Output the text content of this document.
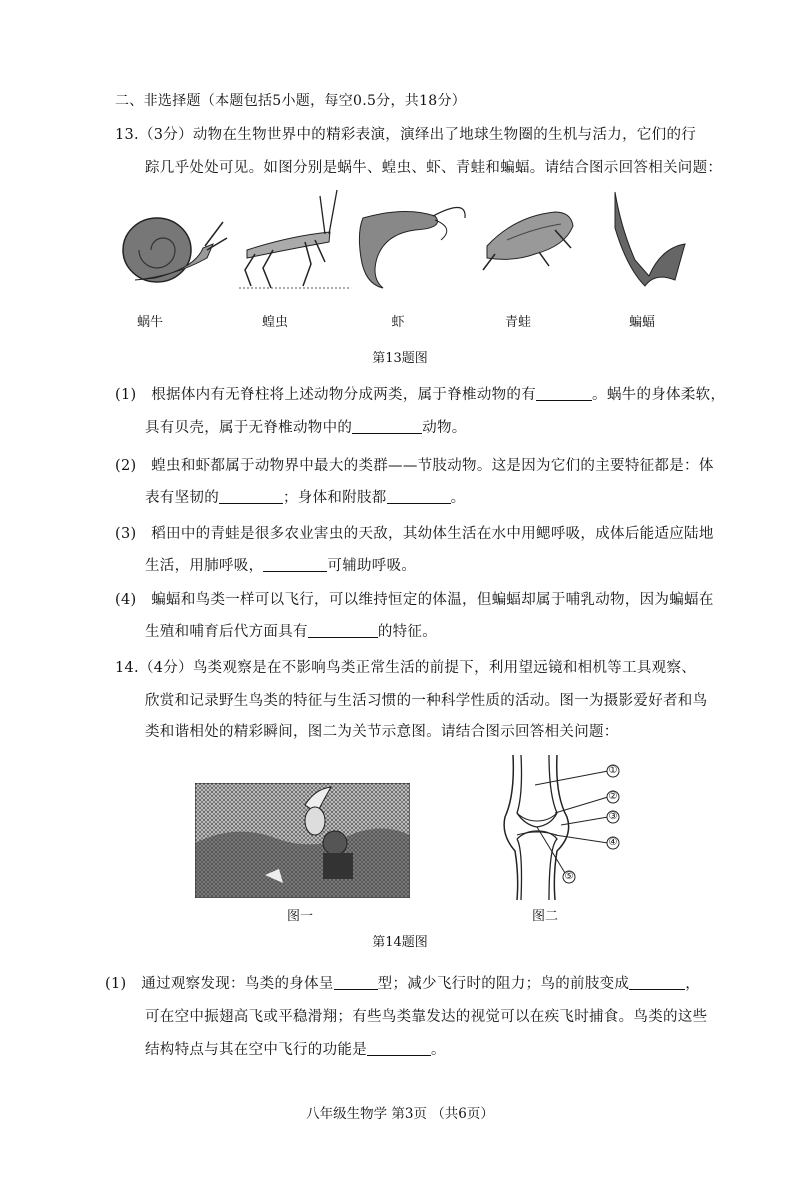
二、非选择题（本题包括5小题，每空0.5分，共18分）
13.（3分）动物在生物世界中的精彩表演，演绎出了地球生物圈的生机与活力，它们的行
踪几乎处处可见。如图分别是蜗牛、蝗虫、虾、青蛙和蝙蝠。请结合图示回答相关问题：
蜗牛	蝗虫	虾	青蛙	蝙蝠
第13题图
(1)　根据体内有无脊柱将上述动物分成两类，属于脊椎动物的有	。蜗牛的身体柔软，
具有贝壳，属于无脊椎动物中的	动物。
(2)　蝗虫和虾都属于动物界中最大的类群——节肢动物。这是因为它们的主要特征都是：体
表有坚韧的	；身体和附肢都	。
(3)　稻田中的青蛙是很多农业害虫的天敌，其幼体生活在水中用鳃呼吸，成体后能适应陆地
生活，用肺呼吸，	可辅助呼吸。
(4)　蝙蝠和鸟类一样可以飞行，可以维持恒定的体温，但蝙蝠却属于哺乳动物，因为蝙蝠在
生殖和哺育后代方面具有	的特征。
14.（4分）鸟类观察是在不影响鸟类正常生活的前提下，利用望远镜和相机等工具观察、
欣赏和记录野生鸟类的特征与生活习惯的一种科学性质的活动。图一为摄影爱好者和鸟
类和谐相处的精彩瞬间，图二为关节示意图。请结合图示回答相关问题：
图一
①
②
③
④
⑤
图二
第14题图
(1)　通过观察发现：鸟类的身体呈	型；减少飞行时的阻力；鸟的前肢变成	，
可在空中振翅高飞或平稳滑翔；有些鸟类靠发达的视觉可以在疾飞时捕食。鸟类的这些
结构特点与其在空中飞行的功能是	。
八年级生物学 第3页 （共6页）
